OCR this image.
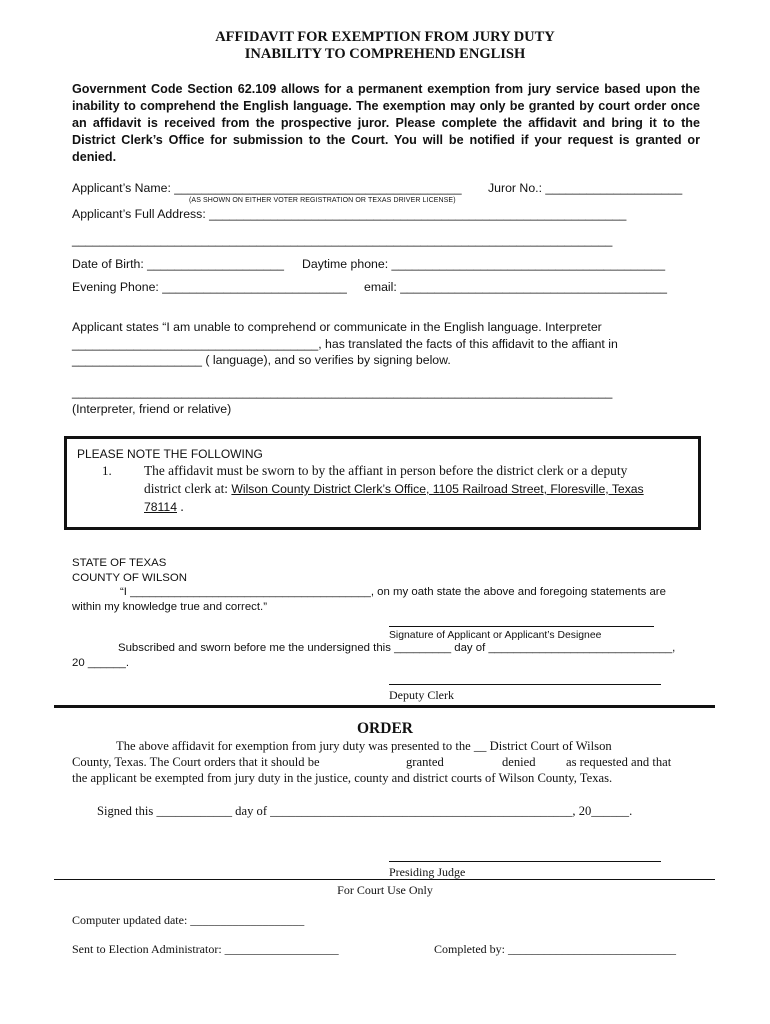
AFFIDAVIT FOR EXEMPTION FROM JURY DUTY
INABILITY TO COMPREHEND ENGLISH
Government Code Section 62.109 allows for a permanent exemption from jury service based upon the inability to comprehend the English language. The exemption may only be granted by court order once an affidavit is received from the prospective juror. Please complete the affidavit and bring it to the District Clerk’s Office for submission to the Court. You will be notified if your request is granted or denied.
Applicant’s Name: __________________________________________ Juror No.: ____________________
(AS SHOWN ON EITHER VOTER REGISTRATION OR TEXAS DRIVER LICENSE)
Applicant’s Full Address: _____________________________________________________________
_______________________________________________________________________________
Date of Birth: ____________________ Daytime phone: ________________________________________
Evening Phone: ___________________________ email: _______________________________________
Applicant states “I am unable to comprehend or communicate in the English language. Interpreter
____________________________________, has translated the facts of this affidavit to the affiant in
___________________ ( language), and so verifies by signing below.
_______________________________________________________________________________
(Interpreter, friend or relative)
PLEASE NOTE THE FOLLOWING
1. The affidavit must be sworn to by the affiant in person before the district clerk or a deputy district clerk at: Wilson County District Clerk’s Office, 1105 Railroad Street, Floresville, Texas 78114 .
STATE OF TEXAS
COUNTY OF WILSON
“I ______________________________________, on my oath state the above and foregoing statements are
within my knowledge true and correct.”
Signature of Applicant or Applicant’s Designee
Subscribed and sworn before me the undersigned this _________ day of _____________________________,
20 ______.
Deputy Clerk
ORDER
The above affidavit for exemption from jury duty was presented to the __ District Court of Wilson
County, Texas. The Court orders that it should be	granted	denied as requested and that
the applicant be exempted from jury duty in the justice, county and district courts of Wilson County, Texas.
Signed this ____________ day of ________________________________________________, 20______.
Presiding Judge
For Court Use Only
Computer updated date: ___________________
Sent to Election Administrator: ___________________	Completed by: ____________________________
